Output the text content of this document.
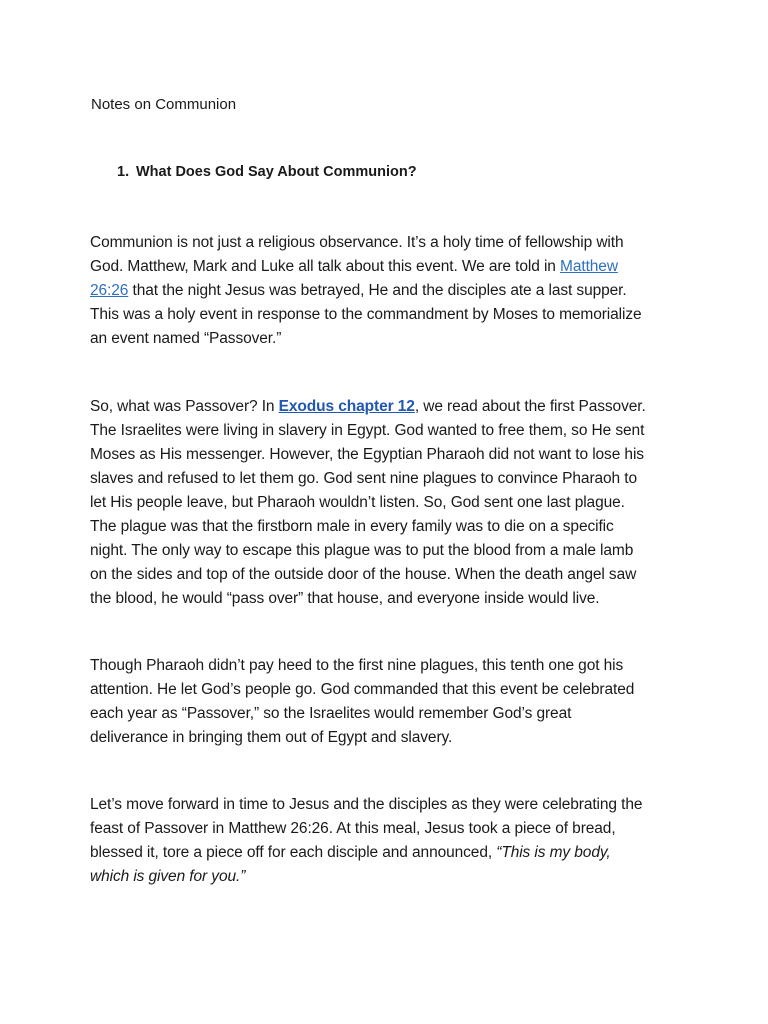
Notes on Communion
1. What Does God Say About Communion?
Communion is not just a religious observance. It’s a holy time of fellowship with
God. Matthew, Mark and Luke all talk about this event. We are told in Matthew
26:26 that the night Jesus was betrayed, He and the disciples ate a last supper.
This was a holy event in response to the commandment by Moses to memorialize
an event named “Passover.”
So, what was Passover? In Exodus chapter 12, we read about the first Passover.
The Israelites were living in slavery in Egypt. God wanted to free them, so He sent
Moses as His messenger. However, the Egyptian Pharaoh did not want to lose his
slaves and refused to let them go. God sent nine plagues to convince Pharaoh to
let His people leave, but Pharaoh wouldn’t listen. So, God sent one last plague.
The plague was that the firstborn male in every family was to die on a specific
night. The only way to escape this plague was to put the blood from a male lamb
on the sides and top of the outside door of the house. When the death angel saw
the blood, he would “pass over” that house, and everyone inside would live.
Though Pharaoh didn’t pay heed to the first nine plagues, this tenth one got his
attention. He let God’s people go. God commanded that this event be celebrated
each year as “Passover,” so the Israelites would remember God’s great
deliverance in bringing them out of Egypt and slavery.
Let’s move forward in time to Jesus and the disciples as they were celebrating the
feast of Passover in Matthew 26:26. At this meal, Jesus took a piece of bread,
blessed it, tore a piece off for each disciple and announced, “This is my body,
which is given for you.”
